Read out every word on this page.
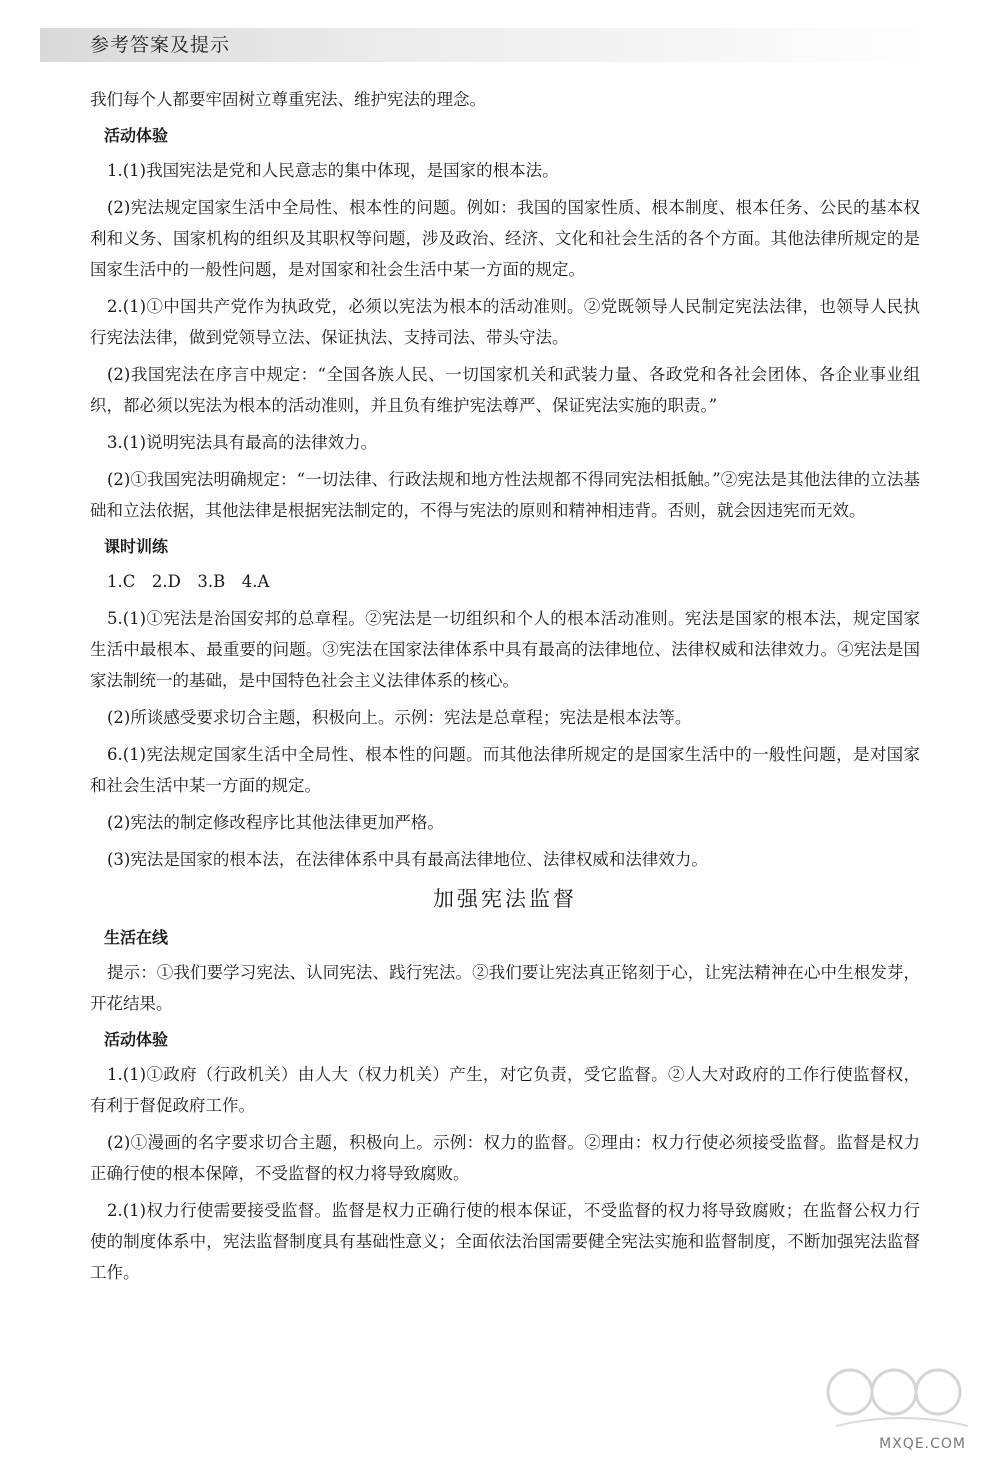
参考答案及提示

我们每个人都要牢固树立尊重宪法、维护宪法的理念。

活动体验

1.(1)我国宪法是党和人民意志的集中体现，是国家的根本法。

(2)宪法规定国家生活中全局性、根本性的问题。例如：我国的国家性质、根本制度、根本任务、公民的基本权利和义务、国家机构的组织及其职权等问题，涉及政治、经济、文化和社会生活的各个方面。其他法律所规定的是国家生活中的一般性问题，是对国家和社会生活中某一方面的规定。

2.(1)①中国共产党作为执政党，必须以宪法为根本的活动准则。②党既领导人民制定宪法法律，也领导人民执行宪法法律，做到党领导立法、保证执法、支持司法、带头守法。

(2)我国宪法在序言中规定：“全国各族人民、一切国家机关和武装力量、各政党和各社会团体、各企业事业组织，都必须以宪法为根本的活动准则，并且负有维护宪法尊严、保证宪法实施的职责。”

3.(1)说明宪法具有最高的法律效力。

(2)①我国宪法明确规定：“一切法律、行政法规和地方性法规都不得同宪法相抵触。”②宪法是其他法律的立法基础和立法依据，其他法律是根据宪法制定的，不得与宪法的原则和精神相违背。否则，就会因违宪而无效。

课时训练

1.C　2.D　3.B　4.A

5.(1)①宪法是治国安邦的总章程。②宪法是一切组织和个人的根本活动准则。宪法是国家的根本法，规定国家生活中最根本、最重要的问题。③宪法在国家法律体系中具有最高的法律地位、法律权威和法律效力。④宪法是国家法制统一的基础，是中国特色社会主义法律体系的核心。

(2)所谈感受要求切合主题，积极向上。示例：宪法是总章程；宪法是根本法等。

6.(1)宪法规定国家生活中全局性、根本性的问题。而其他法律所规定的是国家生活中的一般性问题，是对国家和社会生活中某一方面的规定。

(2)宪法的制定修改程序比其他法律更加严格。

(3)宪法是国家的根本法，在法律体系中具有最高法律地位、法律权威和法律效力。

加强宪法监督
生活在线

提示：①我们要学习宪法、认同宪法、践行宪法。②我们要让宪法真正铭刻于心，让宪法精神在心中生根发芽，开花结果。

活动体验

1.(1)①政府（行政机关）由人大（权力机关）产生，对它负责，受它监督。②人大对政府的工作行使监督权，有利于督促政府工作。

(2)①漫画的名字要求切合主题，积极向上。示例：权力的监督。②理由：权力行使必须接受监督。监督是权力正确行使的根本保障，不受监督的权力将导致腐败。

2.(1)权力行使需要接受监督。监督是权力正确行使的根本保证，不受监督的权力将导致腐败；在监督公权力行使的制度体系中，宪法监督制度具有基础性意义；全面依法治国需要健全宪法实施和监督制度，不断加强宪法监督工作。

MXQE.COM
